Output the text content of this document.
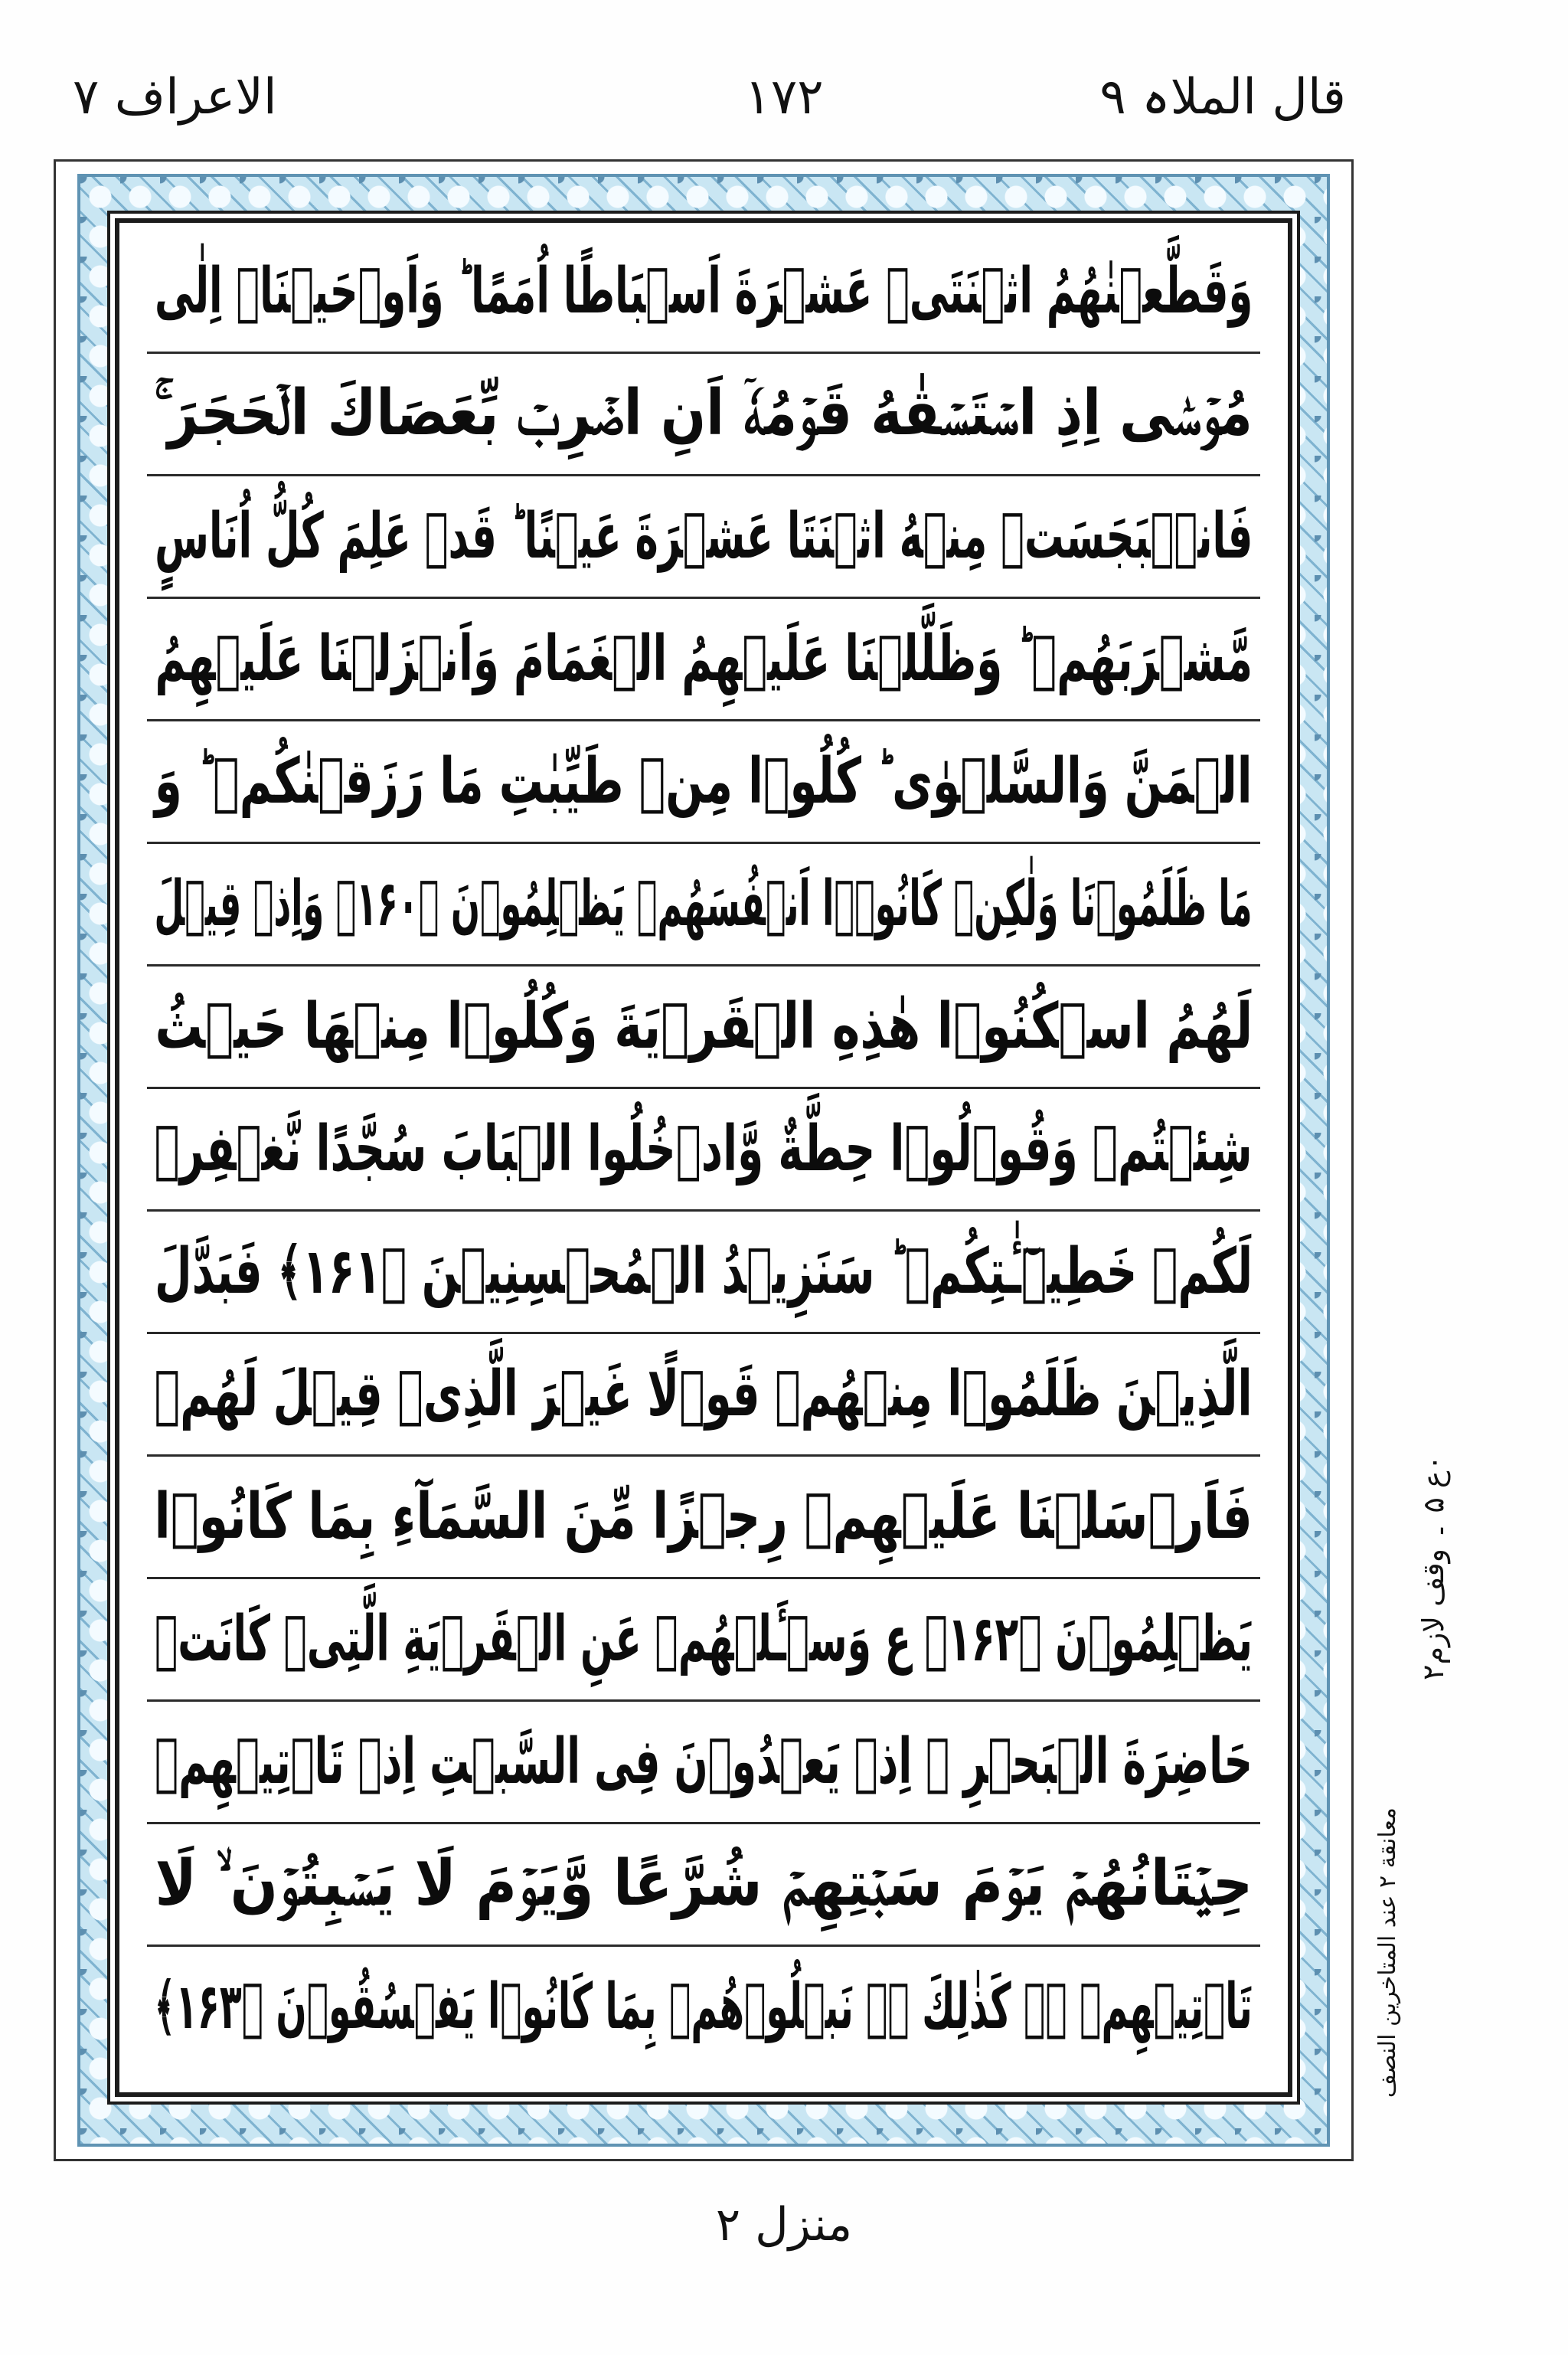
قال الملاہ ۹
۱۷۲
الاعراف ۷
وَقَطَّعۡنٰهُمُ اثۡنَتَیۡ عَشۡرَةَ اَسۡبَاطًا اُمَمًا ؕ وَاَوۡحَیۡنَاۤ اِلٰی
مُوۡسٰۤی اِذِ اسۡتَسۡقٰهُ قَوۡمُهٗۤ اَنِ اضۡرِبۡ بِّعَصَاكَ الۡحَجَرَ ۚ
فَانۡۢبَجَسَتۡ مِنۡهُ اثۡنَتَا عَشۡرَةَ عَیۡنًا ؕ قَدۡ عَلِمَ كُلُّ اُنَاسٍ
مَّشۡرَبَهُمۡ ؕ وَظَلَّلۡنَا عَلَیۡهِمُ الۡغَمَامَ وَاَنۡزَلۡنَا عَلَیۡهِمُ
الۡمَنَّ وَالسَّلۡوٰی ؕ كُلُوۡا مِنۡ طَیِّبٰتِ مَا رَزَقۡنٰكُمۡ ؕ وَ
مَا ظَلَمُوۡنَا وَلٰكِنۡ كَانُوۡۤا اَنۡفُسَهُمۡ یَظۡلِمُوۡنَ ﴿۱۶۰﴾ وَاِذۡ قِیۡلَ
لَهُمُ اسۡكُنُوۡا هٰذِهِ الۡقَرۡیَةَ وَكُلُوۡا مِنۡهَا حَیۡثُ
شِئۡتُمۡ وَقُوۡلُوۡا حِطَّةٌ وَّادۡخُلُوا الۡبَابَ سُجَّدًا نَّغۡفِرۡ
لَكُمۡ خَطِیۡٓـٰٔتِكُمۡ ؕ سَنَزِیۡدُ الۡمُحۡسِنِیۡنَ ﴿۱۶۱﴾ فَبَدَّلَ
الَّذِیۡنَ ظَلَمُوۡا مِنۡهُمۡ قَوۡلًا غَیۡرَ الَّذِیۡ قِیۡلَ لَهُمۡ
فَاَرۡسَلۡنَا عَلَیۡهِمۡ رِجۡزًا مِّنَ السَّمَآءِ بِمَا كَانُوۡا
یَظۡلِمُوۡنَ ﴿۱۶۲﴾ ع وَسۡـَٔلۡهُمۡ عَنِ الۡقَرۡیَةِ الَّتِیۡ كَانَتۡ
حَاضِرَةَ الۡبَحۡرِ ۘ اِذۡ یَعۡدُوۡنَ فِی السَّبۡتِ اِذۡ تَاۡتِیۡهِمۡ
حِیۡتَانُهُمۡ یَوۡمَ سَبۡتِهِمۡ شُرَّعًا وَّیَوۡمَ لَا یَسۡبِتُوۡنَ ۙ لَا
تَاۡتِیۡهِمۡ ۚۛ كَذٰلِكَ ۚۛ نَبۡلُوۡهُمۡ بِمَا كَانُوۡا یَفۡسُقُوۡنَ ﴿۱۶۳﴾
۲٠ع ۵ ۔ وقف لازم
معانقة ۲ عند المتاخرین النصف
منزل ۲
